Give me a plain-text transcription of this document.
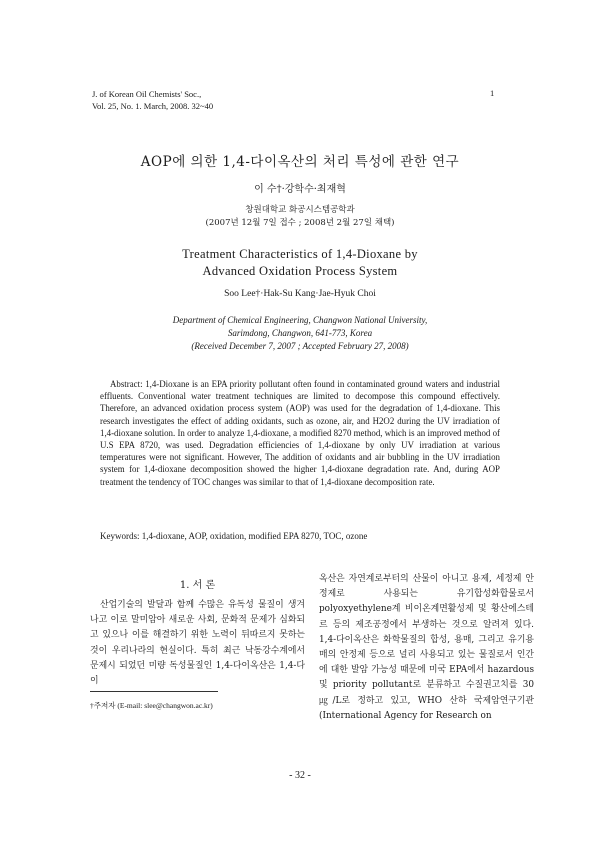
J. of Korean Oil Chemists' Soc.,
Vol. 25, No. 1. March, 2008. 32~40
1
AOP에 의한 1,4-다이옥산의 처리 특성에 관한 연구
이 수†·강학수·최재혁
창원대학교 화공시스템공학과
(2007년 12월 7일 접수 ; 2008년 2월 27일 채택)
Treatment Characteristics of 1,4-Dioxane by
Advanced Oxidation Process System
Soo Lee†·Hak-Su Kang·Jae-Hyuk Choi
Department of Chemical Engineering, Changwon National University,
Sarimdong, Changwon, 641-773, Korea
(Received December 7, 2007 ; Accepted February 27, 2008)
Abstract: 1,4-Dioxane is an EPA priority pollutant often found in contaminated ground waters and industrial effluents. Conventional water treatment techniques are limited to decompose this compound effectively. Therefore, an advanced oxidation process system (AOP) was used for the degradation of 1,4-dioxane. This research investigates the effect of adding oxidants, such as ozone, air, and H2O2 during the UV irradiation of 1,4-dioxane solution. In order to analyze 1,4-dioxane, a modified 8270 method, which is an improved method of U.S EPA 8720, was used. Degradation efficiencies of 1,4-dioxane by only UV irradiation at various temperatures were not significant. However, The addition of oxidants and air bubbling in the UV irradiation system for 1,4-dioxane decomposition showed the higher 1,4-dioxane degradation rate. And, during AOP treatment the tendency of TOC changes was similar to that of 1,4-dioxane decomposition rate.
Keywords: 1,4-dioxane, AOP, oxidation, modified EPA 8270, TOC, ozone
1. 서 론

산업기술의 발달과 함께 수많은 유독성 물질이 생겨나고 이로 말미암아 새로운 사회, 문화적 문제가 심화되고 있으나 이를 해결하기 위한 노력이 뒤따르지 못하는 것이 우리나라의 현실이다. 특히 최근 낙동강수계에서 문제시 되었던 미량 독성물질인 1,4-다이옥산은 1,4-다이

옥산은 자연계로부터의 산물이 아니고 용제, 세정제 안정제로 사용되는 유기합성화합물로서 polyoxyethylene계 비이온계면활성제 및 황산에스테르 등의 제조공정에서 부생하는 것으로 알려져 있다. 1,4-다이옥산은 화학물질의 합성, 용매, 그리고 유기용매의 안정제 등으로 널리 사용되고 있는 물질로서 인간에 대한 발암 가능성 때문에 미국 EPA에서 hazardous 및 priority pollutant로 분류하고 수질권고치를 30 ㎍/L로 정하고 있고, WHO 산하 국제암연구기관(International Agency for Research on

†주저자 (E-mail: slee@changwon.ac.kr)
- 32 -
